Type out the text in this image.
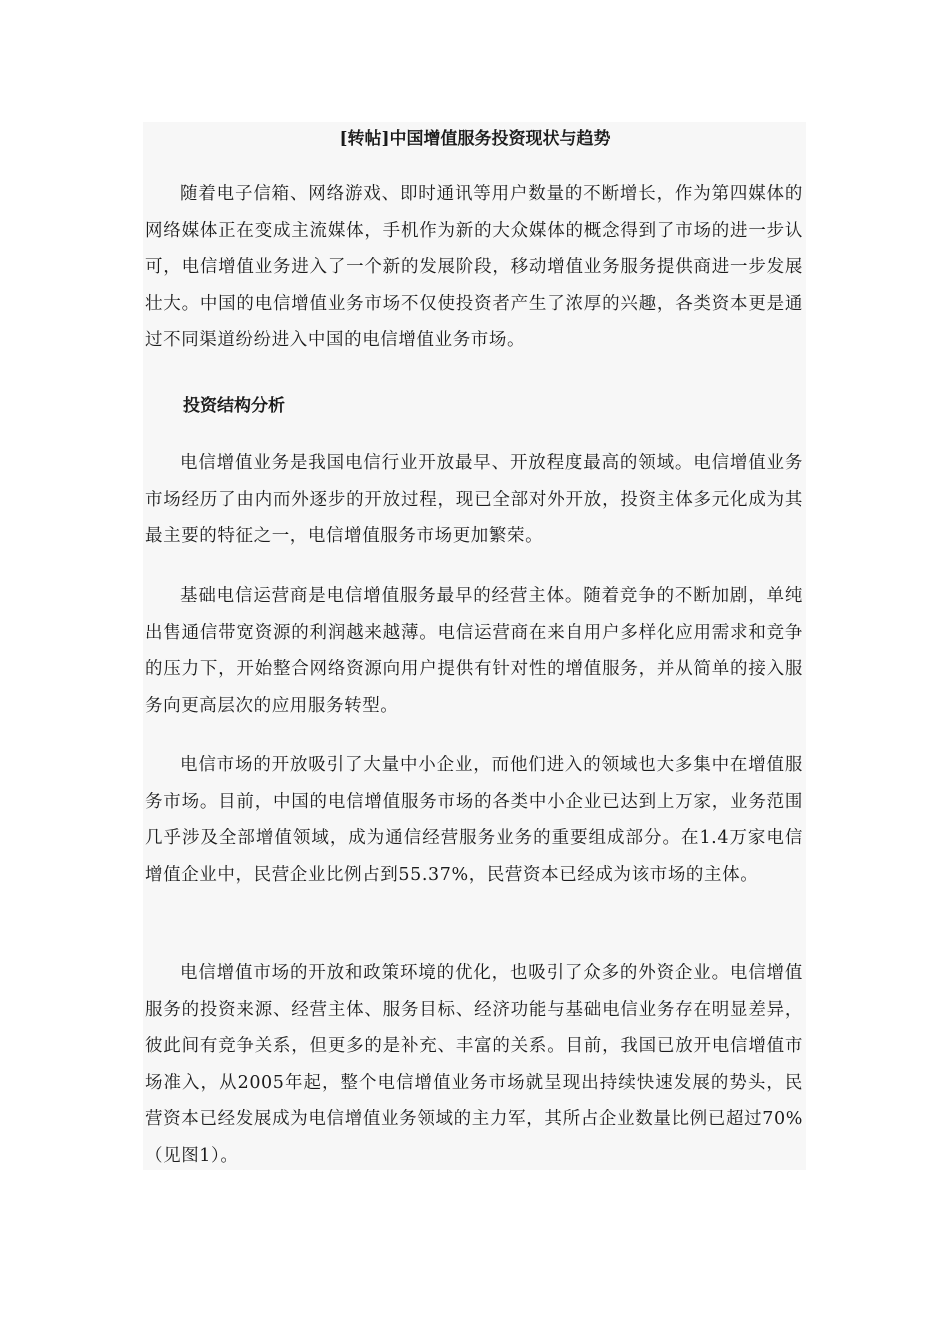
[转帖]中国增值服务投资现状与趋势

随着电子信箱、网络游戏、即时通讯等用户数量的不断增长，作为第四媒体的网络媒体正在变成主流媒体，手机作为新的大众媒体的概念得到了市场的进一步认可，电信增值业务进入了一个新的发展阶段，移动增值业务服务提供商进一步发展壮大。中国的电信增值业务市场不仅使投资者产生了浓厚的兴趣，各类资本更是通过不同渠道纷纷进入中国的电信增值业务市场。

投资结构分析

电信增值业务是我国电信行业开放最早、开放程度最高的领域。电信增值业务市场经历了由内而外逐步的开放过程，现已全部对外开放，投资主体多元化成为其最主要的特征之一，电信增值服务市场更加繁荣。

基础电信运营商是电信增值服务最早的经营主体。随着竞争的不断加剧，单纯出售通信带宽资源的利润越来越薄。电信运营商在来自用户多样化应用需求和竞争的压力下，开始整合网络资源向用户提供有针对性的增值服务，并从简单的接入服务向更高层次的应用服务转型。

电信市场的开放吸引了大量中小企业，而他们进入的领域也大多集中在增值服务市场。目前，中国的电信增值服务市场的各类中小企业已达到上万家，业务范围几乎涉及全部增值领域，成为通信经营服务业务的重要组成部分。在1.4万家电信增值企业中，民营企业比例占到55.37%，民营资本已经成为该市场的主体。

电信增值市场的开放和政策环境的优化，也吸引了众多的外资企业。电信增值服务的投资来源、经营主体、服务目标、经济功能与基础电信业务存在明显差异，彼此间有竞争关系，但更多的是补充、丰富的关系。目前，我国已放开电信增值市场准入，从2005年起，整个电信增值业务市场就呈现出持续快速发展的势头，民营资本已经发展成为电信增值业务领域的主力军，其所占企业数量比例已超过70%（见图1）。
